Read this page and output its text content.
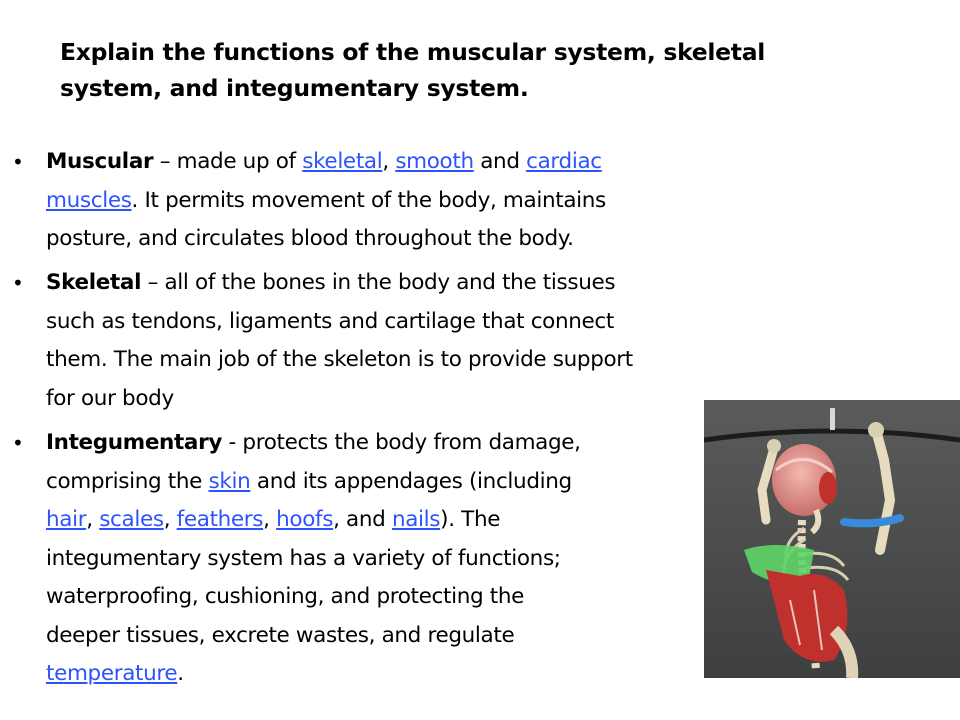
Explain the functions of the muscular system, skeletal
system, and integumentary system.
• Muscular – made up of skeletal, smooth and cardiac
muscles. It permits movement of the body, maintains
posture, and circulates blood throughout the body.
• Skeletal – all of the bones in the body and the tissues
such as tendons, ligaments and cartilage that connect
them. The main job of the skeleton is to provide support
for our body
• Integumentary - protects the body from damage,
comprising the skin and its appendages (including
hair, scales, feathers, hoofs, and nails). The
integumentary system has a variety of functions;
waterproofing, cushioning, and protecting the
deeper tissues, excrete wastes, and regulate
temperature.
